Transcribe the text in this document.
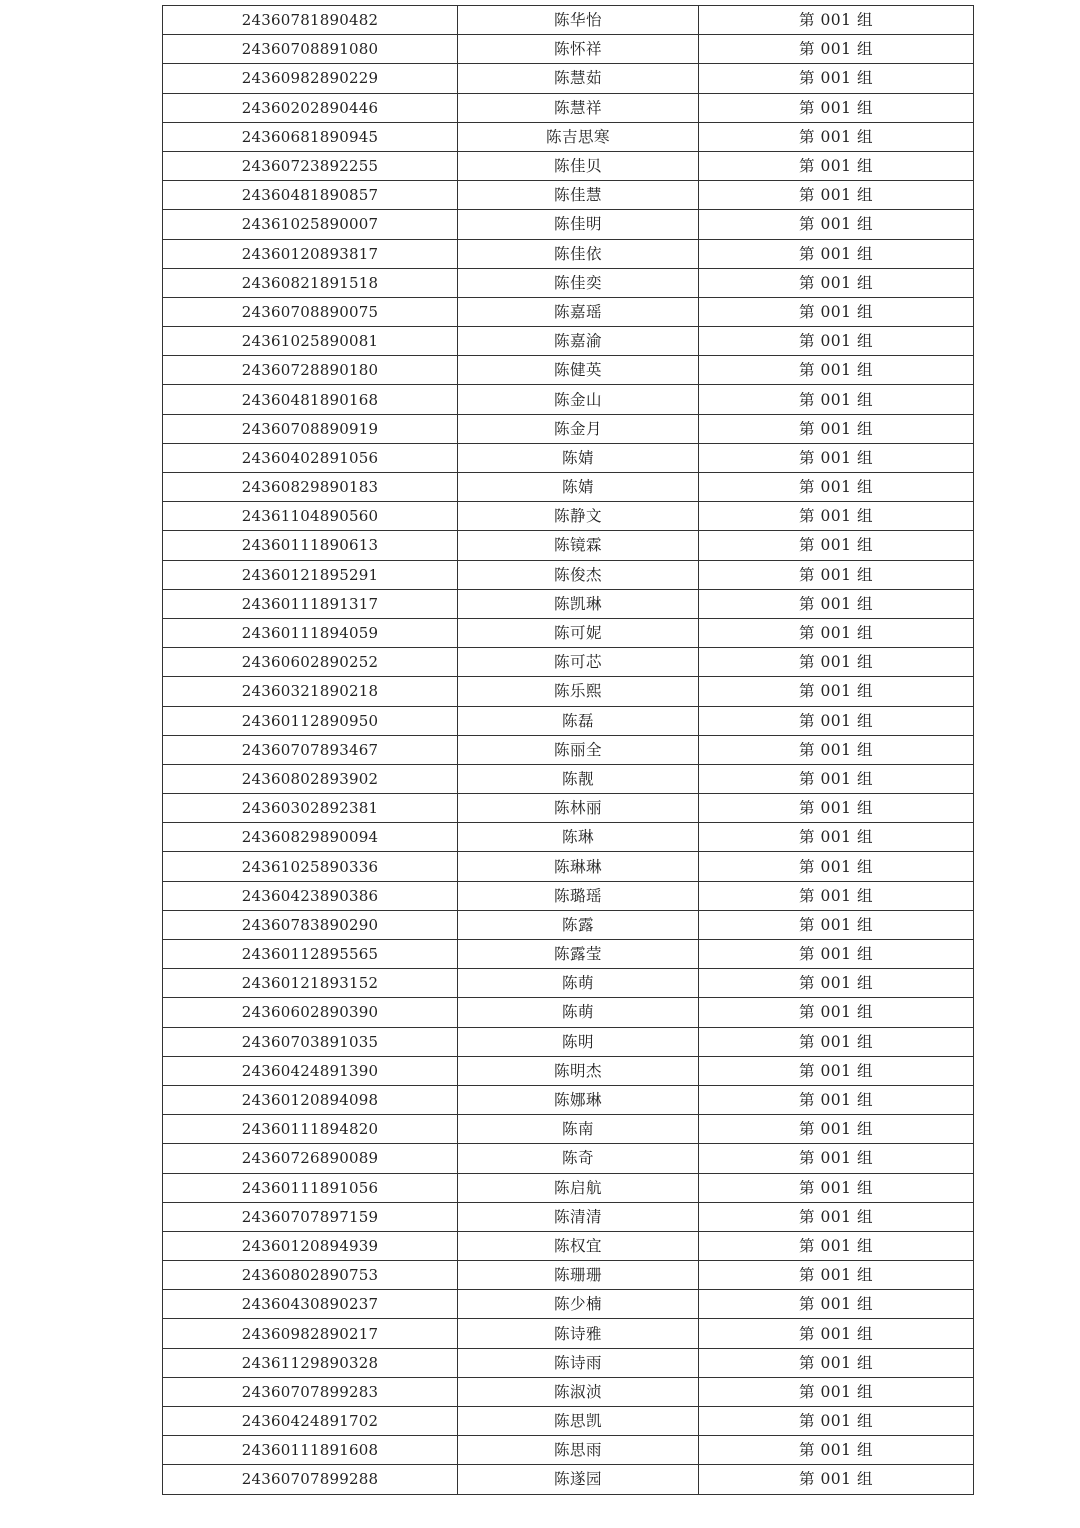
24360781890482	陈华怡	第 001 组
24360708891080	陈怀祥	第 001 组
24360982890229	陈慧茹	第 001 组
24360202890446	陈慧祥	第 001 组
24360681890945	陈吉思寒	第 001 组
24360723892255	陈佳贝	第 001 组
24360481890857	陈佳慧	第 001 组
24361025890007	陈佳明	第 001 组
24360120893817	陈佳依	第 001 组
24360821891518	陈佳奕	第 001 组
24360708890075	陈嘉瑶	第 001 组
24361025890081	陈嘉渝	第 001 组
24360728890180	陈健英	第 001 组
24360481890168	陈金山	第 001 组
24360708890919	陈金月	第 001 组
24360402891056	陈婧	第 001 组
24360829890183	陈婧	第 001 组
24361104890560	陈静文	第 001 组
24360111890613	陈镜霖	第 001 组
24360121895291	陈俊杰	第 001 组
24360111891317	陈凯琳	第 001 组
24360111894059	陈可妮	第 001 组
24360602890252	陈可芯	第 001 组
24360321890218	陈乐熙	第 001 组
24360112890950	陈磊	第 001 组
24360707893467	陈丽全	第 001 组
24360802893902	陈靓	第 001 组
24360302892381	陈林丽	第 001 组
24360829890094	陈琳	第 001 组
24361025890336	陈琳琳	第 001 组
24360423890386	陈璐瑶	第 001 组
24360783890290	陈露	第 001 组
24360112895565	陈露莹	第 001 组
24360121893152	陈萌	第 001 组
24360602890390	陈萌	第 001 组
24360703891035	陈明	第 001 组
24360424891390	陈明杰	第 001 组
24360120894098	陈娜琳	第 001 组
24360111894820	陈南	第 001 组
24360726890089	陈奇	第 001 组
24360111891056	陈启航	第 001 组
24360707897159	陈清清	第 001 组
24360120894939	陈权宜	第 001 组
24360802890753	陈珊珊	第 001 组
24360430890237	陈少楠	第 001 组
24360982890217	陈诗雅	第 001 组
24361129890328	陈诗雨	第 001 组
24360707899283	陈淑浈	第 001 组
24360424891702	陈思凯	第 001 组
24360111891608	陈思雨	第 001 组
24360707899288	陈遂园	第 001 组
